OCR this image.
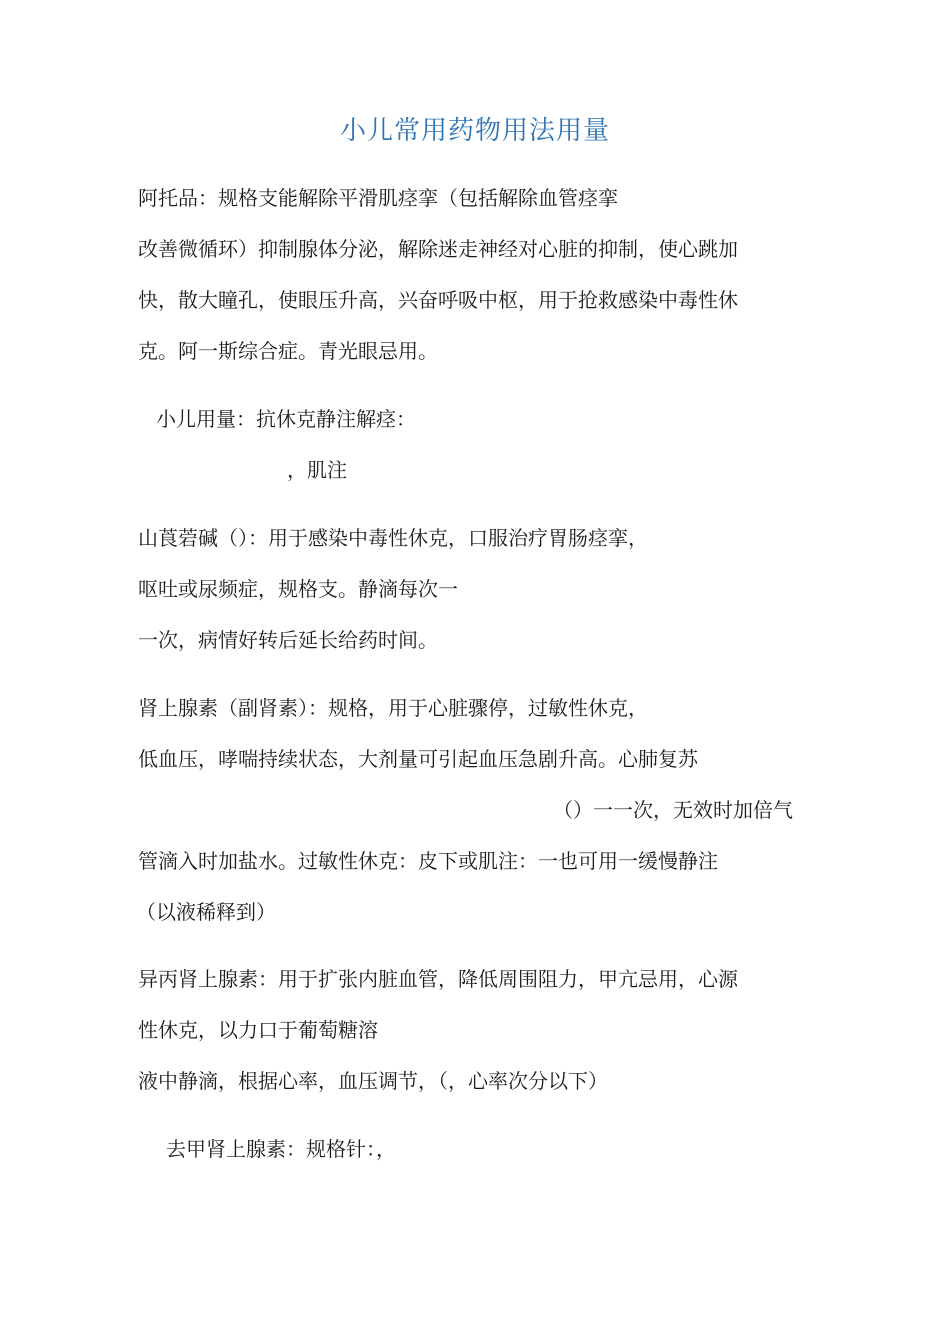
小儿常用药物用法用量
阿托品：规格支能解除平滑肌痉挛（包括解除血管痉挛
改善微循环）抑制腺体分泌，解除迷走神经对心脏的抑制，使心跳加
快，散大瞳孔，使眼压升高，兴奋呼吸中枢，用于抢救感染中毒性休
克。阿一斯综合症。青光眼忌用。
小儿用量：抗休克静注解痉：
，肌注
山莨菪碱（）：用于感染中毒性休克，口服治疗胃肠痉挛，
呕吐或尿频症，规格支。静滴每次一
一次，病情好转后延长给药时间。
肾上腺素（副肾素）：规格，用于心脏骤停，过敏性休克，
低血压，哮喘持续状态，大剂量可引起血压急剧升高。心肺复苏
（）一一次，无效时加倍气
管滴入时加盐水。过敏性休克：皮下或肌注：一也可用一缓慢静注
（以液稀释到）
异丙肾上腺素：用于扩张内脏血管，降低周围阻力，甲亢忌用，心源
性休克，以力口于葡萄糖溶
液中静滴，根据心率，血压调节，（，心率次分以下）
去甲肾上腺素：规格针：，
